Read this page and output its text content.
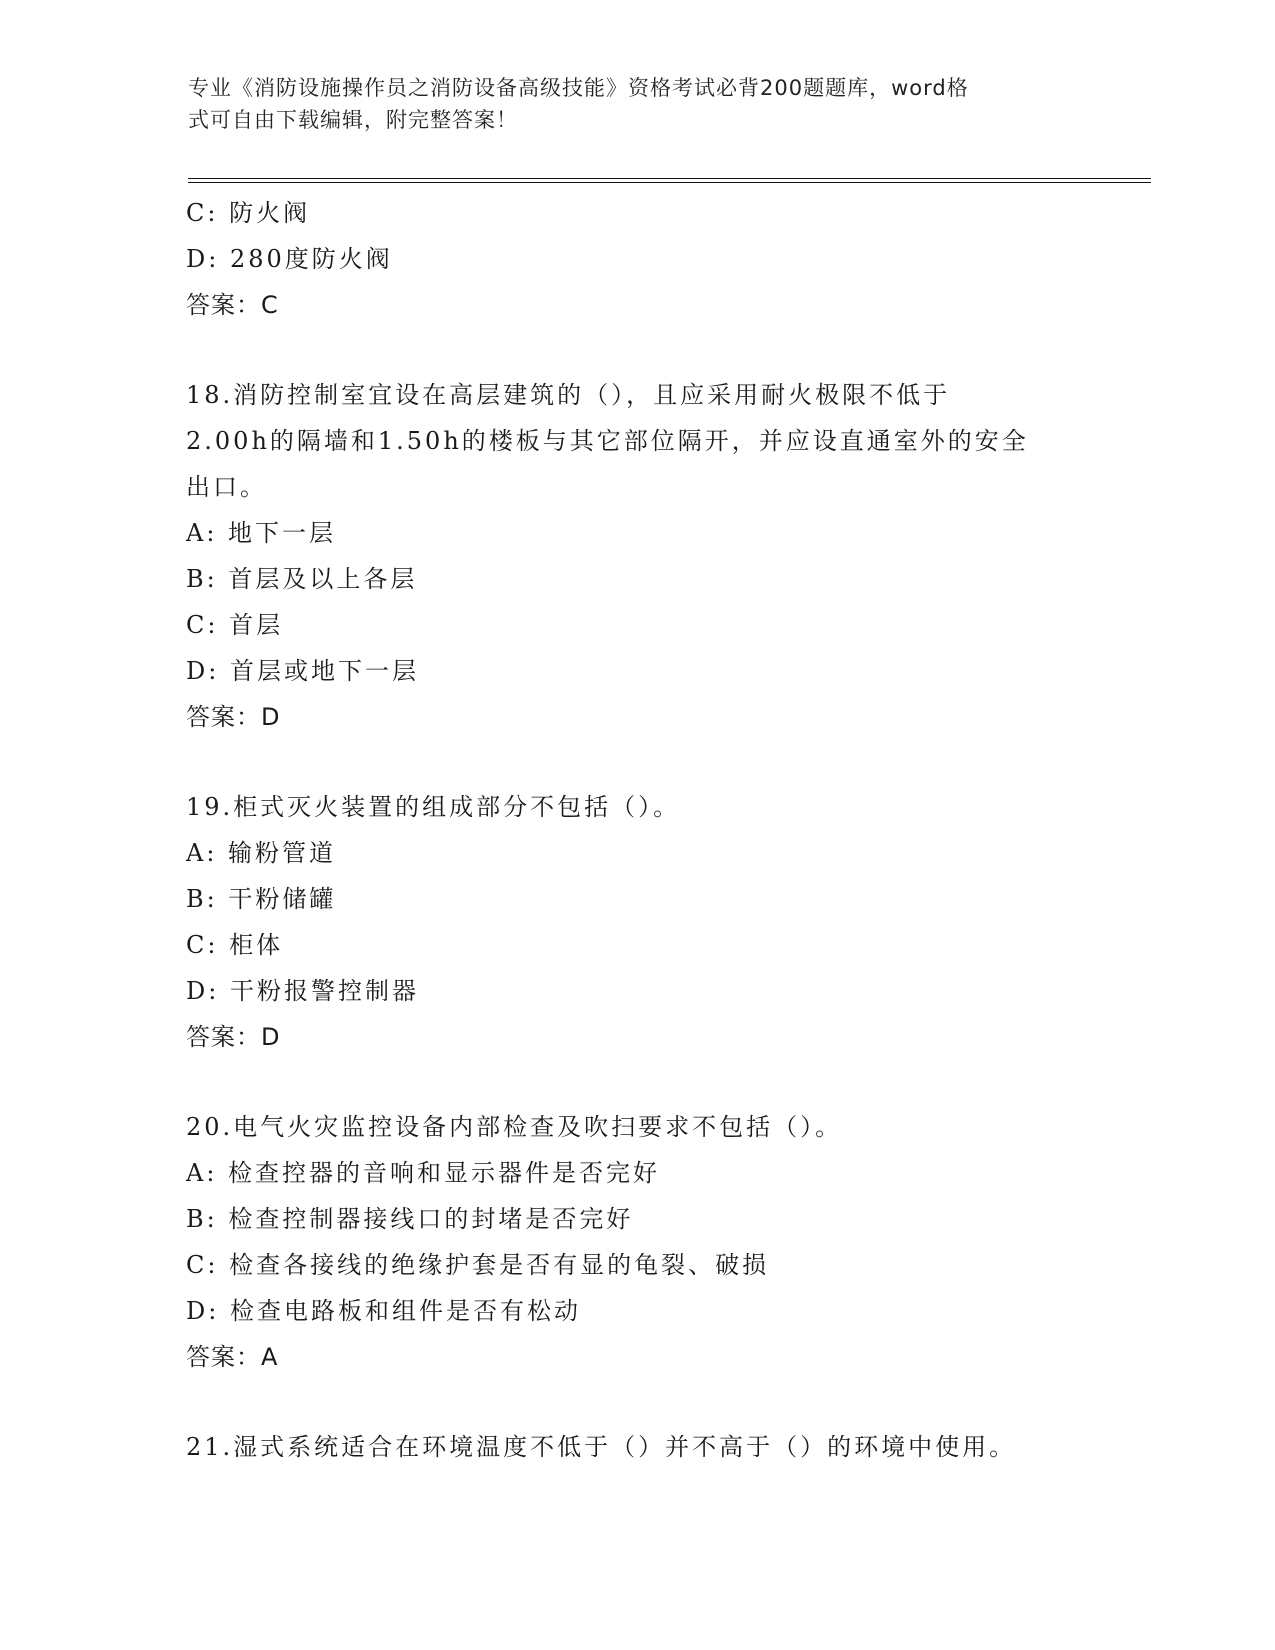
专业《消防设施操作员之消防设备高级技能》资格考试必背200题题库，word格
式可自由下载编辑，附完整答案！
C: 防火阀
D: 280度防火阀
答案：C
18.消防控制室宜设在高层建筑的（），且应采用耐火极限不低于
2.00h的隔墙和1.50h的楼板与其它部位隔开，并应设直通室外的安全
出口。
A: 地下一层
B: 首层及以上各层
C: 首层
D: 首层或地下一层
答案：D
19.柜式灭火装置的组成部分不包括（）。
A: 输粉管道
B: 干粉储罐
C: 柜体
D: 干粉报警控制器
答案：D
20.电气火灾监控设备内部检查及吹扫要求不包括（）。
A: 检查控器的音响和显示器件是否完好
B: 检查控制器接线口的封堵是否完好
C: 检查各接线的绝缘护套是否有显的龟裂、破损
D: 检查电路板和组件是否有松动
答案：A
21.湿式系统适合在环境温度不低于（）并不高于（）的环境中使用。
